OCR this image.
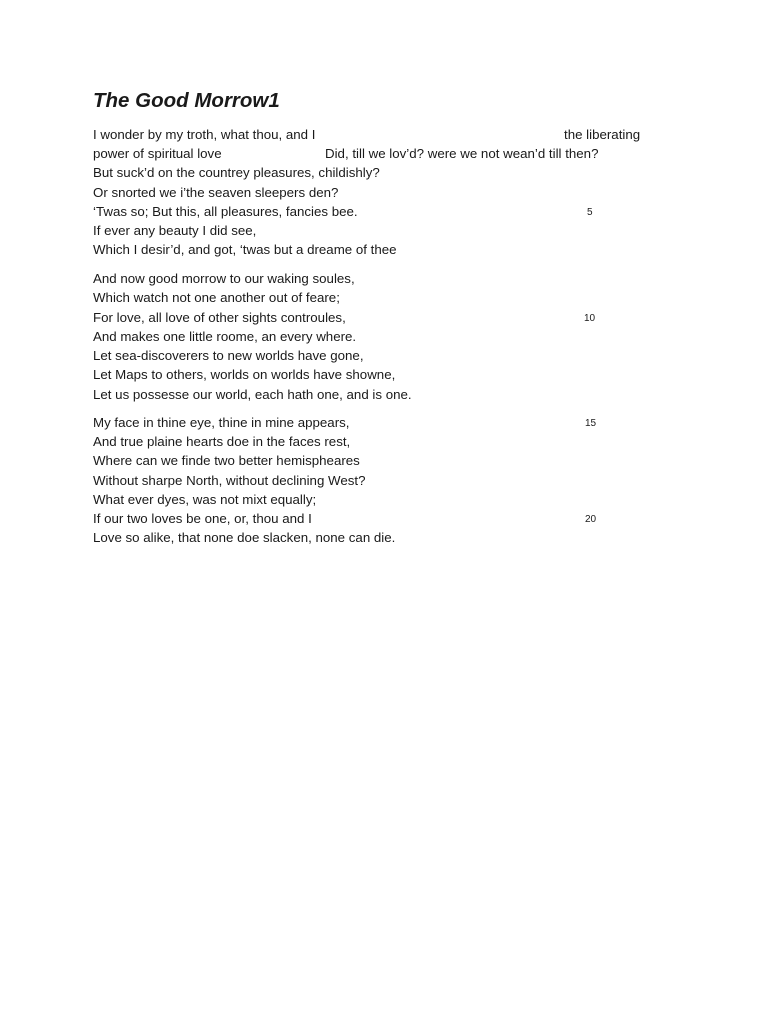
The Good Morrow1
I wonder by my troth, what thou, and I	the liberating
power of spiritual love	Did, till we lov’d? were we not wean’d till then?
But suck’d on the countrey pleasures, childishly?
Or snorted we i’the seaven sleepers den?
‘Twas so; But this, all pleasures, fancies bee.	5
If ever any beauty I did see,
Which I desir’d, and got, ‘twas but a dreame of thee
And now good morrow to our waking soules,
Which watch not one another out of feare;
For love, all love of other sights controules,	10
And makes one little roome, an every where.
Let sea-discoverers to new worlds have gone,
Let Maps to others, worlds on worlds have showne,
Let us possesse our world, each hath one, and is one.
My face in thine eye, thine in mine appears,	15
And true plaine hearts doe in the faces rest,
Where can we finde two better hemispheares
Without sharpe North, without declining West?
What ever dyes, was not mixt equally;
If our two loves be one, or, thou and I	20
Love so alike, that none doe slacken, none can die.
